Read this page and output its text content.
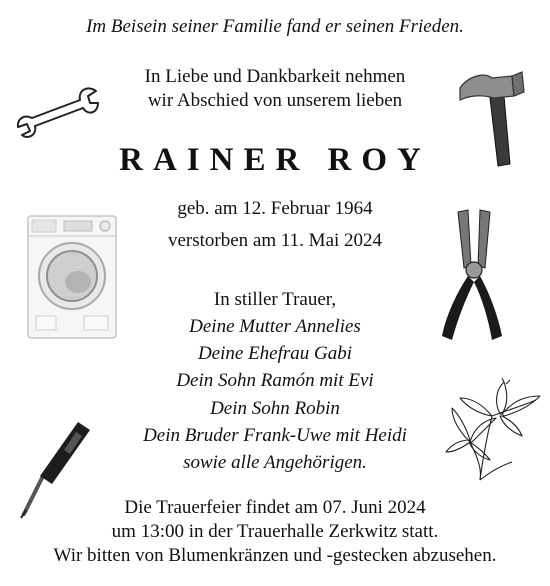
Im Beisein seiner Familie fand er seinen Frieden.
In Liebe und Dankbarkeit nehmen
wir Abschied von unserem lieben
RAINER ROY
geb. am 12. Februar 1964
verstorben am 11. Mai 2024
In stiller Trauer,
Deine Mutter Annelies
Deine Ehefrau Gabi
Dein Sohn Ramón mit Evi
Dein Sohn Robin
Dein Bruder Frank-Uwe mit Heidi
sowie alle Angehörigen.
Die Trauerfeier findet am 07. Juni 2024
um 13:00 in der Trauerhalle Zerkwitz statt.
Wir bitten von Blumenkränzen und -gestecken abzusehen.
